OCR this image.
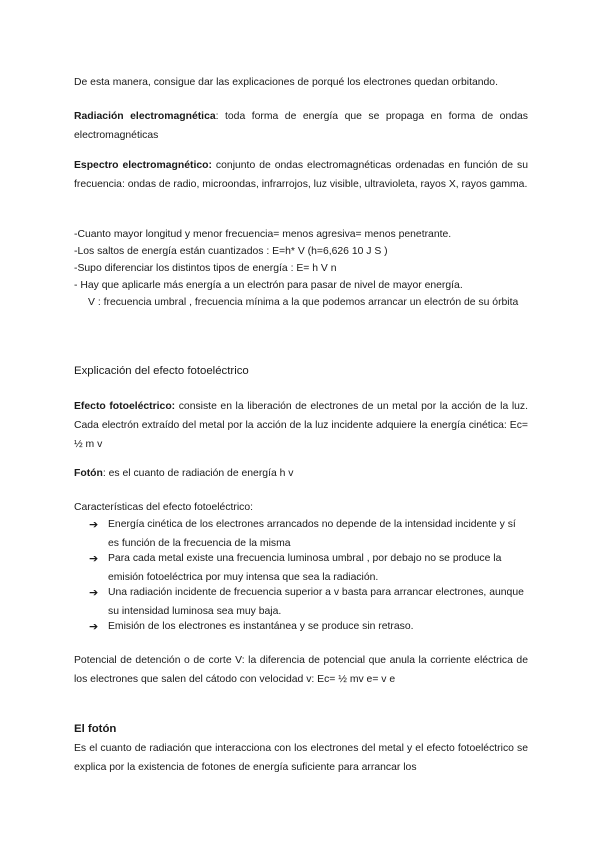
De esta manera, consigue dar las explicaciones de porqué los electrones quedan orbitando.

Radiación electromagnética: toda forma de energía que se propaga en forma de ondas electromagnéticas

Espectro electromagnético: conjunto de ondas electromagnéticas ordenadas en función de su frecuencia: ondas de radio, microondas, infrarrojos, luz visible, ultravioleta, rayos X, rayos gamma.

-Cuanto mayor longitud y menor frecuencia= menos agresiva= menos penetrante.
-Los saltos de energía están cuantizados : E=h* V (h=6,626 10 J S )
-Supo diferenciar los distintos tipos de energía : E= h V n
- Hay que aplicarle más energía a un electrón para pasar de nivel de mayor energía.

V : frecuencia umbral , frecuencia mínima a la que podemos arrancar un electrón de su órbita

Explicación del efecto fotoeléctrico

Efecto fotoeléctrico: consiste en la liberación de electrones de un metal por la acción de la luz. Cada electrón extraído del metal por la acción de la luz incidente adquiere la energía cinética: Ec= ½ m v

Fotón: es el cuanto de radiación de energía h v

Características del efecto fotoeléctrico:
➔ Energía cinética de los electrones arrancados no depende de la intensidad incidente y sí es función de la frecuencia de la misma
➔ Para cada metal existe una frecuencia luminosa umbral , por debajo no se produce la emisión fotoeléctrica por muy intensa que sea la radiación.
➔ Una radiación incidente de frecuencia superior a v basta para arrancar electrones, aunque su intensidad luminosa sea muy baja.
➔ Emisión de los electrones es instantánea y se produce sin retraso.

Potencial de detención o de corte V: la diferencia de potencial que anula la corriente eléctrica de los electrones que salen del cátodo con velocidad v: Ec= ½ mv e= v e

El fotón

Es el cuanto de radiación que interacciona con los electrones del metal y el efecto fotoeléctrico se explica por la existencia de fotones de energía suficiente para arrancar los
